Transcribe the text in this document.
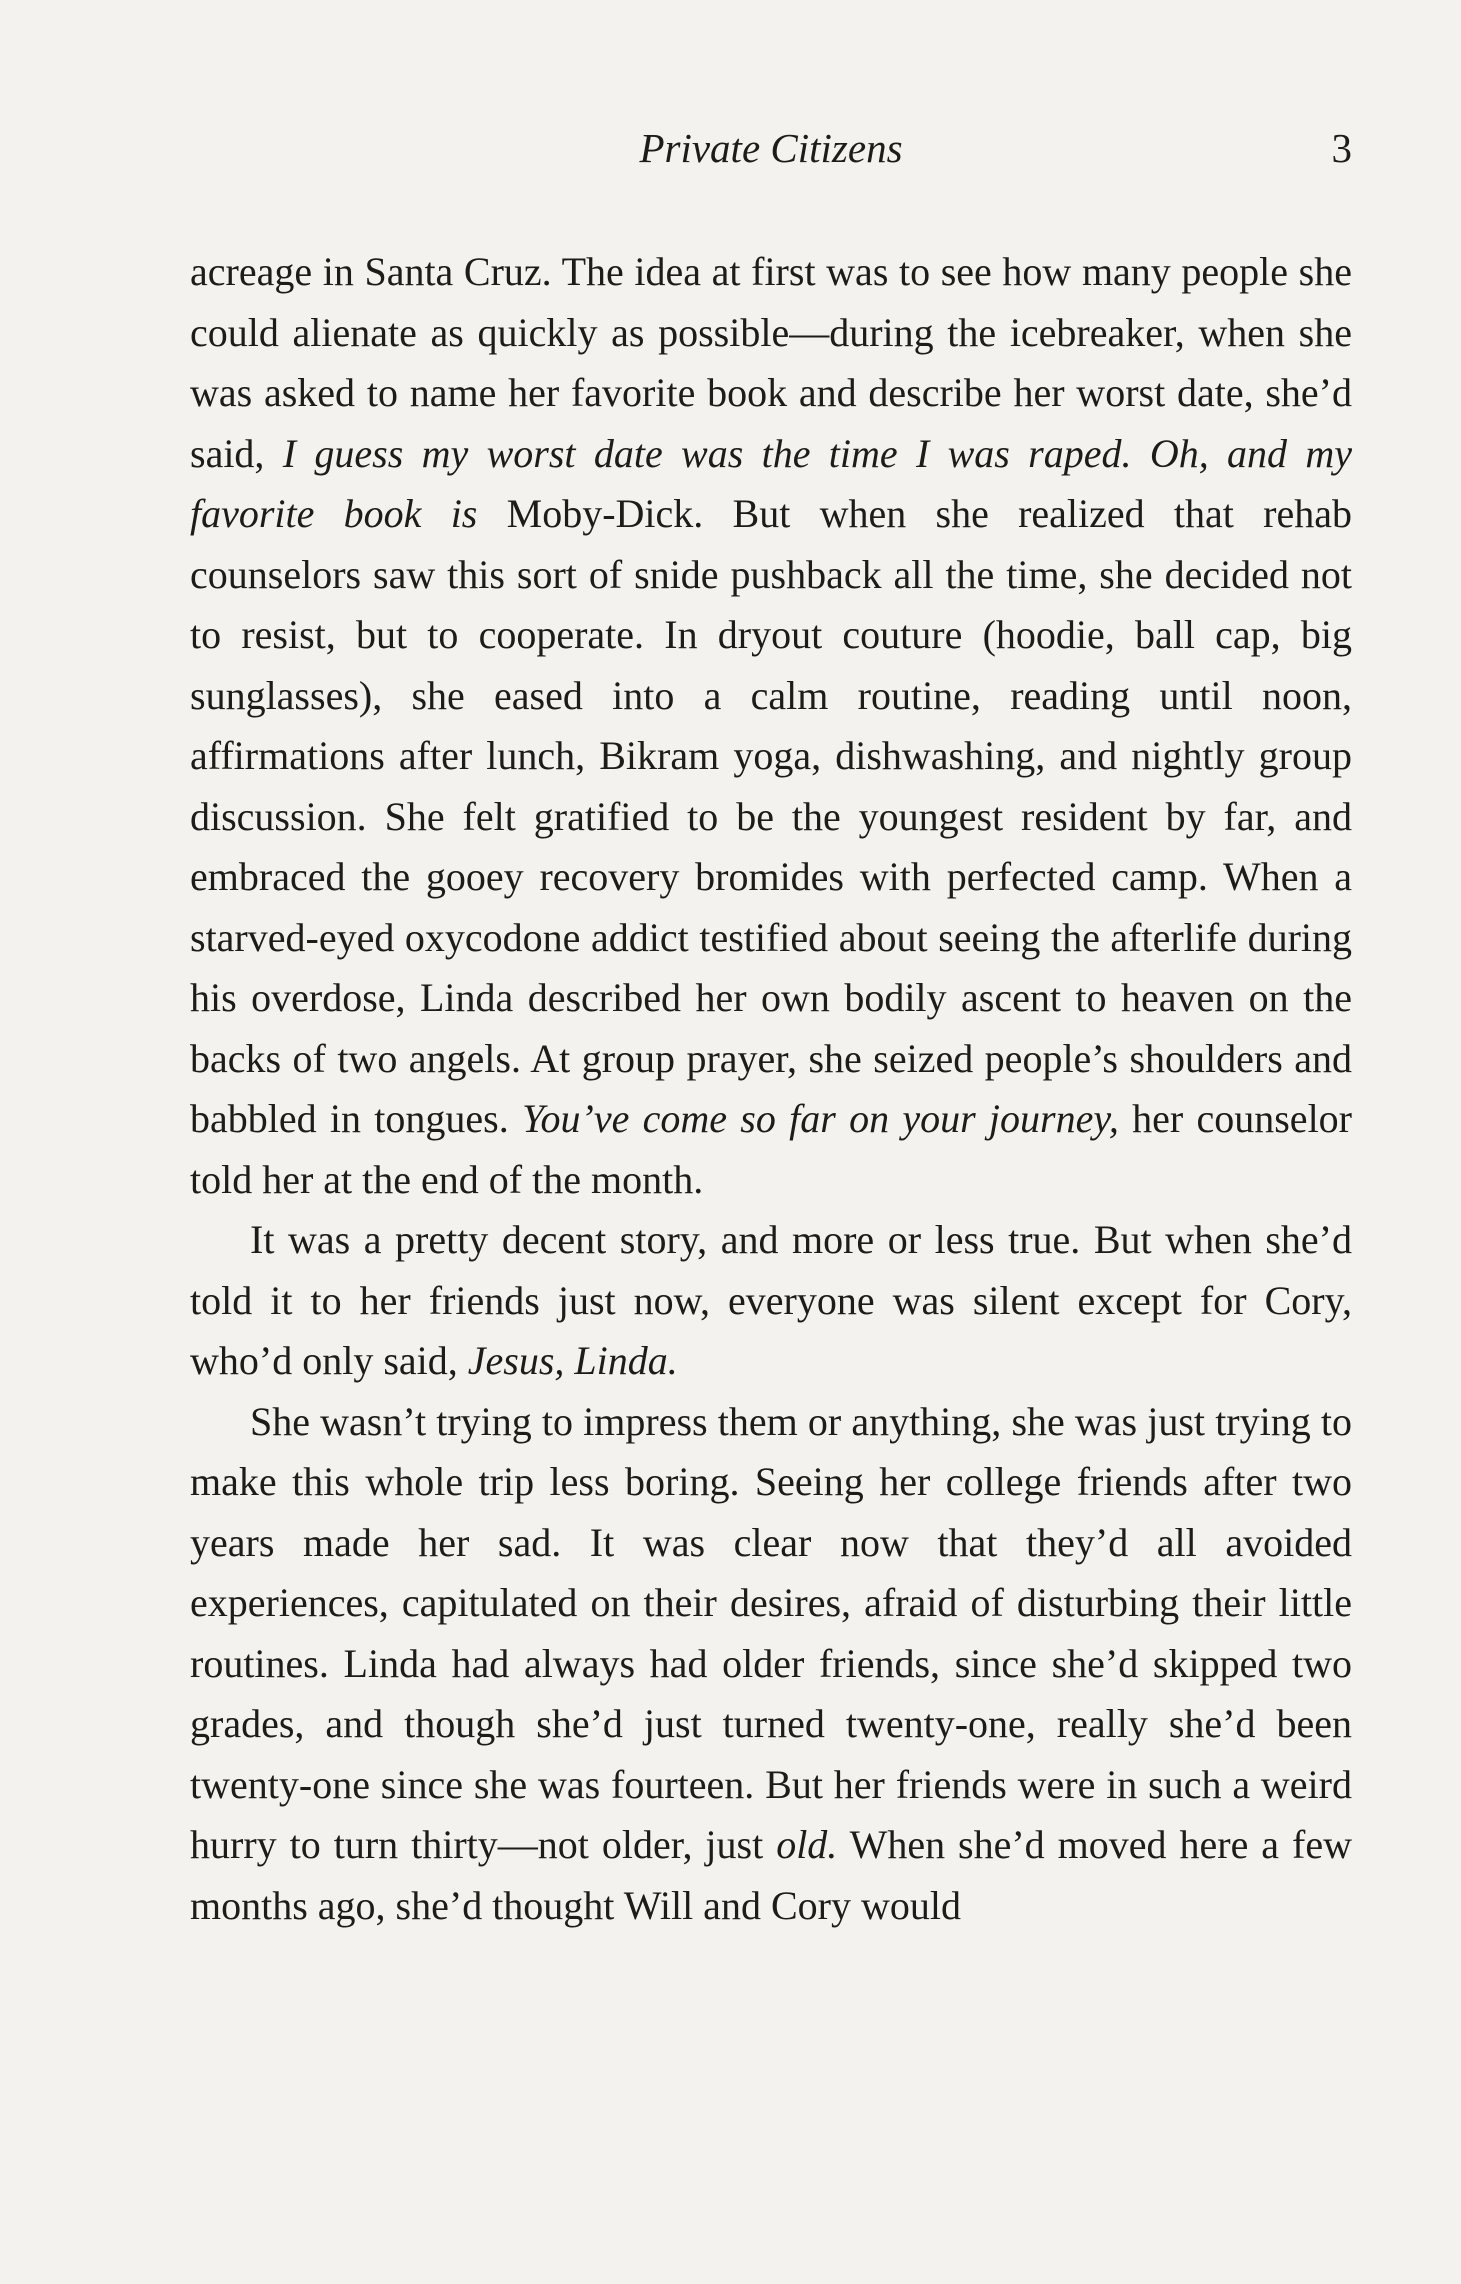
Private Citizens	3

acreage in Santa Cruz. The idea at first was to see how many people she could alienate as quickly as possible—during the icebreaker, when she was asked to name her favorite book and describe her worst date, she’d said, I guess my worst date was the time I was raped. Oh, and my favorite book is Moby-Dick. But when she realized that rehab counselors saw this sort of snide pushback all the time, she decided not to resist, but to cooperate. In dryout couture (hoodie, ball cap, big sunglasses), she eased into a calm routine, reading until noon, affirmations after lunch, Bikram yoga, dishwashing, and nightly group discussion. She felt gratified to be the youngest resident by far, and embraced the gooey recovery bromides with perfected camp. When a starved-eyed oxycodone addict testified about seeing the afterlife during his overdose, Linda described her own bodily ascent to heaven on the backs of two angels. At group prayer, she seized people’s shoulders and babbled in tongues. You’ve come so far on your journey, her counselor told her at the end of the month.

It was a pretty decent story, and more or less true. But when she’d told it to her friends just now, everyone was silent except for Cory, who’d only said, Jesus, Linda.

She wasn’t trying to impress them or anything, she was just trying to make this whole trip less boring. Seeing her college friends after two years made her sad. It was clear now that they’d all avoided experiences, capitulated on their desires, afraid of disturbing their little routines. Linda had always had older friends, since she’d skipped two grades, and though she’d just turned twenty-one, really she’d been twenty-one since she was fourteen. But her friends were in such a weird hurry to turn thirty—not older, just old. When she’d moved here a few months ago, she’d thought Will and Cory would
